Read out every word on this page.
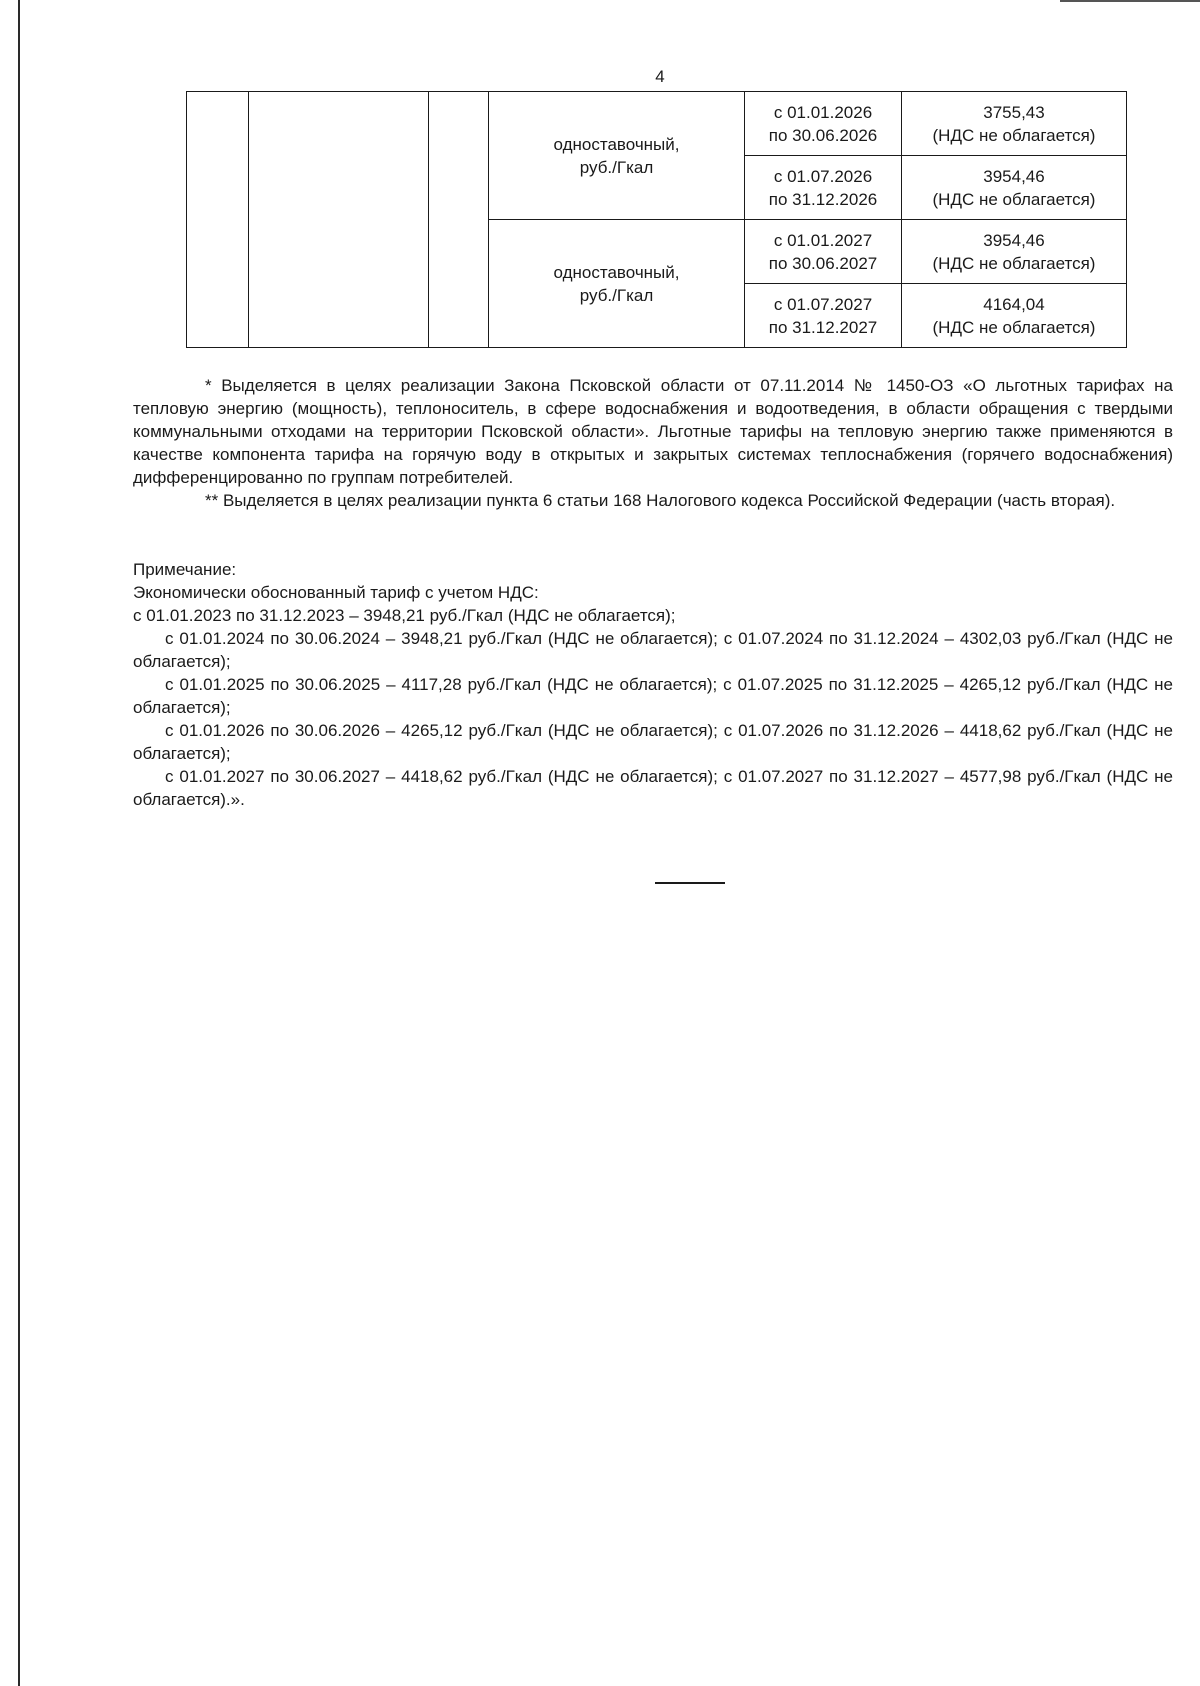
4
			одноставочный, руб./Гкал	с 01.01.2026
по 30.06.2026	3755,43
(НДС не облагается)
				с 01.07.2026
по 31.12.2026	3954,46
(НДС не облагается)
			одноставочный, руб./Гкал	с 01.01.2027
по 30.06.2027	3954,46
(НДС не облагается)
				с 01.07.2027
по 31.12.2027	4164,04
(НДС не облагается)

* Выделяется в целях реализации Закона Псковской области от 07.11.2014 № 1450-ОЗ «О льготных тарифах на тепловую энергию (мощность), теплоноситель, в сфере водоснабжения и водоотведения, в области обращения с твердыми коммунальными отходами на территории Псковской области». Льготные тарифы на тепловую энергию также применяются в качестве компонента тарифа на горячую воду в открытых и закрытых системах теплоснабжения (горячего водоснабжения) дифференцированно по группам потребителей.

** Выделяется в целях реализации пункта 6 статьи 168 Налогового кодекса Российской Федерации (часть вторая).

Примечание:

Экономически обоснованный тариф с учетом НДС:

с 01.01.2023 по 31.12.2023 – 3948,21 руб./Гкал (НДС не облагается);

с 01.01.2024 по 30.06.2024 – 3948,21 руб./Гкал (НДС не облагается); с 01.07.2024 по 31.12.2024 – 4302,03 руб./Гкал (НДС не облагается);

с 01.01.2025 по 30.06.2025 – 4117,28 руб./Гкал (НДС не облагается); с 01.07.2025 по 31.12.2025 – 4265,12 руб./Гкал (НДС не облагается);

с 01.01.2026 по 30.06.2026 – 4265,12 руб./Гкал (НДС не облагается); с 01.07.2026 по 31.12.2026 – 4418,62 руб./Гкал (НДС не облагается);

с 01.01.2027 по 30.06.2027 – 4418,62 руб./Гкал (НДС не облагается); с 01.07.2027 по 31.12.2027 – 4577,98 руб./Гкал (НДС не облагается).».
